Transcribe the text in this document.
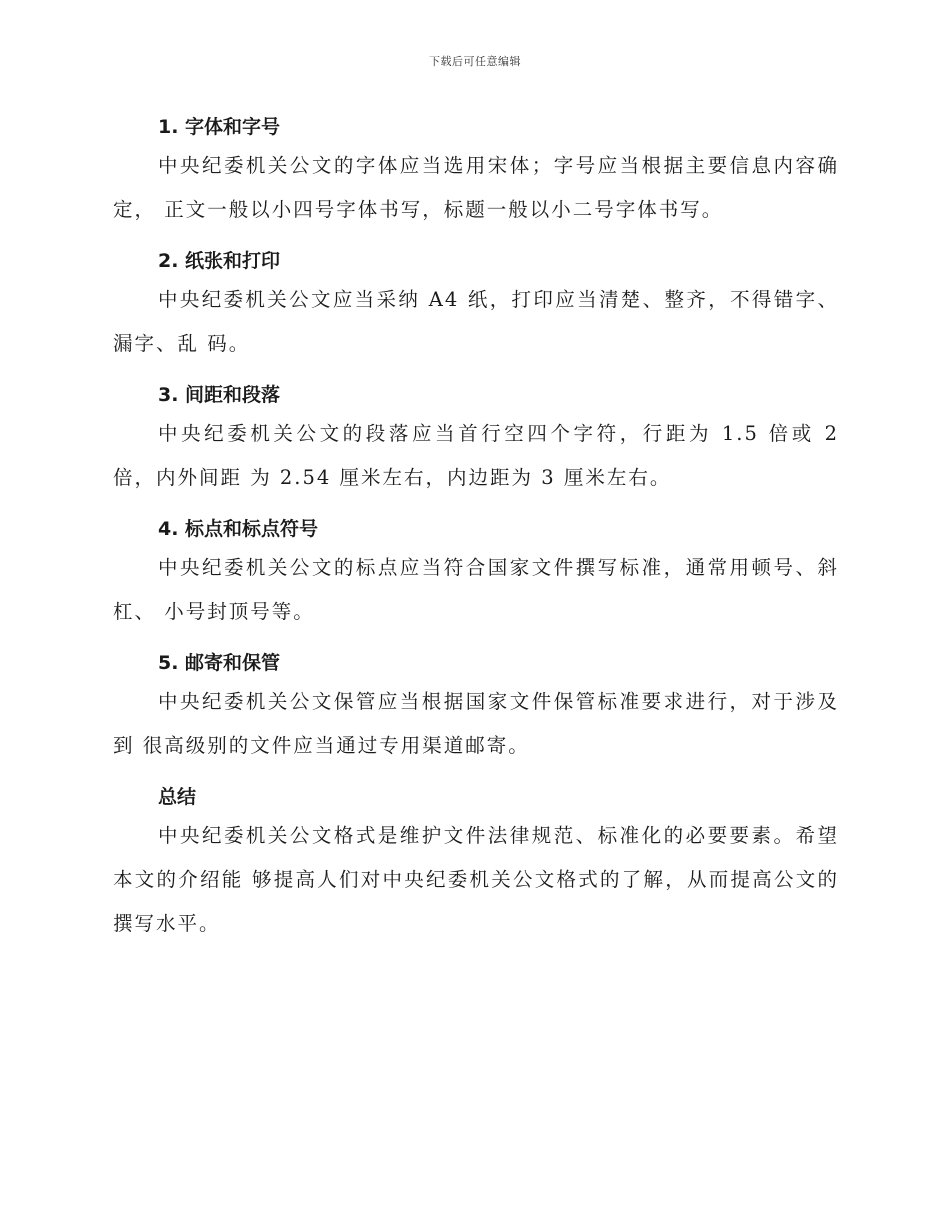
下载后可任意编辑
1. 字体和字号

中央纪委机关公文的字体应当选用宋体；字号应当根据主要信息内容确定， 正文一般以小四号字体书写，标题一般以小二号字体书写。

2. 纸张和打印

中央纪委机关公文应当采纳 A4 纸，打印应当清楚、整齐，不得错字、漏字、乱 码。

3. 间距和段落

中央纪委机关公文的段落应当首行空四个字符，行距为 1.5 倍或 2 倍，内外间距 为 2.54 厘米左右，内边距为 3 厘米左右。

4. 标点和标点符号

中央纪委机关公文的标点应当符合国家文件撰写标准，通常用顿号、斜杠、 小号封顶号等。

5. 邮寄和保管

中央纪委机关公文保管应当根据国家文件保管标准要求进行，对于涉及到 很高级别的文件应当通过专用渠道邮寄。

总结

中央纪委机关公文格式是维护文件法律规范、标准化的必要要素。希望本文的介绍能 够提高人们对中央纪委机关公文格式的了解，从而提高公文的撰写水平。
